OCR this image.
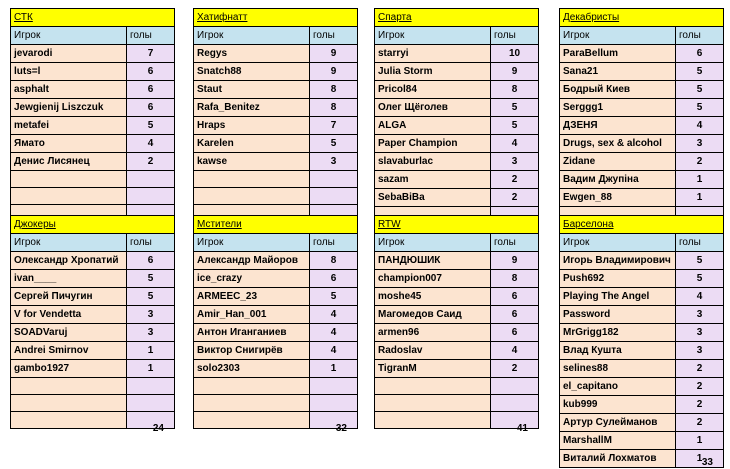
СТК	
Игрок	голы
jevarodi	7
luts=l	6
asphalt	6
Jewgienij Liszczuk	6
metafei	5
Ямато	4
Денис Лисянец	2

Хатифнатт	
Игрок	голы
Regys	9
Snatch88	9
Staut	8
Rafa_Benitez	8
Hraps	7
Karelen	5
kawse	3

Спарта	
Игрок	голы
starryi	10
Julia Storm	9
Pricol84	8
Олег Щёголев	5
ALGA	5
Paper Champion	4
slavaburlac	3
sazam	2
SebaBiBa	2

Декабристы	
Игрок	голы
ParaBellum	6
Sana21	5
Бодрый Киев	5
Serggg1	5
ДЗЕНЯ	4
Drugs, sex & alcohol	3
Zidane	2
Вадим Джупіна	1
Ewgen_88	1

Джокеры	
Игрок	голы
Олександр Хропатий	6
ivan____	5
Сергей Пичугин	5
V for Vendetta	3
SOADVaruj	3
Andrei Smirnov	1
gambo1927	1

24
Мстители	
Игрок	голы
Александр Майоров	8
ice_crazy	6
ARMEEC_23	5
Amir_Han_001	4
Антон Иганганиев	4
Виктор Снигирёв	4
solo2303	1

32
RTW	
Игрок	голы
ПАНДЮШИК	9
champion007	8
moshe45	6
Магомедов Саид	6
armen96	6
Radoslav	4
TigranM	2

41
Барселона	
Игрок	голы
Игорь Владимирович	5
Push692	5
Playing The Angel	4
Password	3
MrGrigg182	3
Влад Кушта	3
selines88	2
el_capitano	2
kub999	2
Артур Сулейманов	2
MarshallM	1
Виталий Лохматов	1 33
